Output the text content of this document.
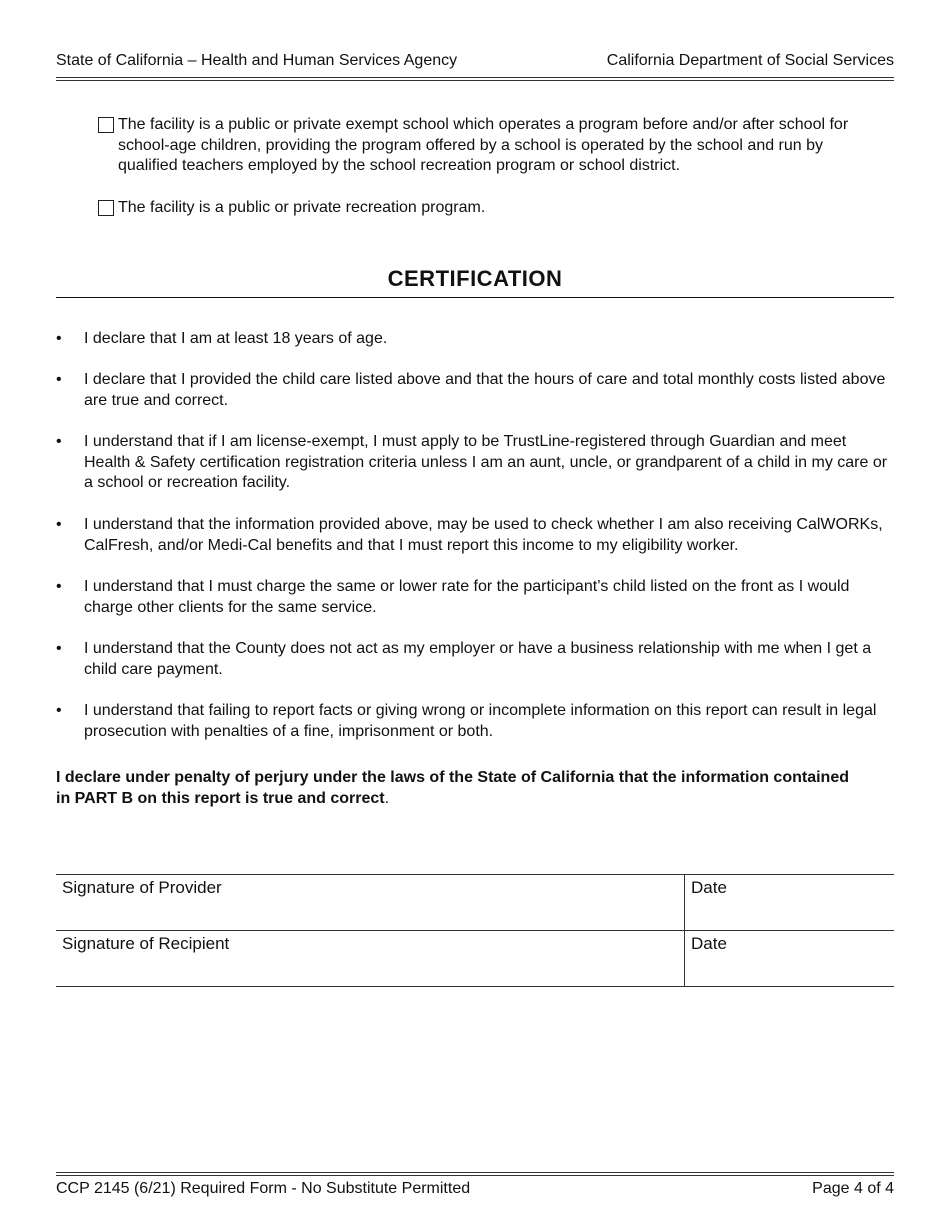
State of California – Health and Human Services Agency	California Department of Social Services
The facility is a public or private exempt school which operates a program before and/or after school for school-age children, providing the program offered by a school is operated by the school and run by qualified teachers employed by the school recreation program or school district.
The facility is a public or private recreation program.
CERTIFICATION
•	I declare that I am at least 18 years of age.
•	I declare that I provided the child care listed above and that the hours of care and total monthly costs listed above are true and correct.
•	I understand that if I am license-exempt, I must apply to be TrustLine-registered through Guardian and meet Health & Safety certification registration criteria unless I am an aunt, uncle, or grandparent of a child in my care or a school or recreation facility.
•	I understand that the information provided above, may be used to check whether I am also receiving CalWORKs, CalFresh, and/or Medi-Cal benefits and that I must report this income to my eligibility worker.
•	I understand that I must charge the same or lower rate for the participant’s child listed on the front as I would charge other clients for the same service.
•	I understand that the County does not act as my employer or have a business relationship with me when I get a child care payment.
•	I understand that failing to report facts or giving wrong or incomplete information on this report can result in legal prosecution with penalties of a fine, imprisonment or both.
I declare under penalty of perjury under the laws of the State of California that the information contained in PART B on this report is true and correct.
Signature of Provider	Date
Signature of Recipient	Date
CCP 2145 (6/21) Required Form - No Substitute Permitted	Page 4 of 4
